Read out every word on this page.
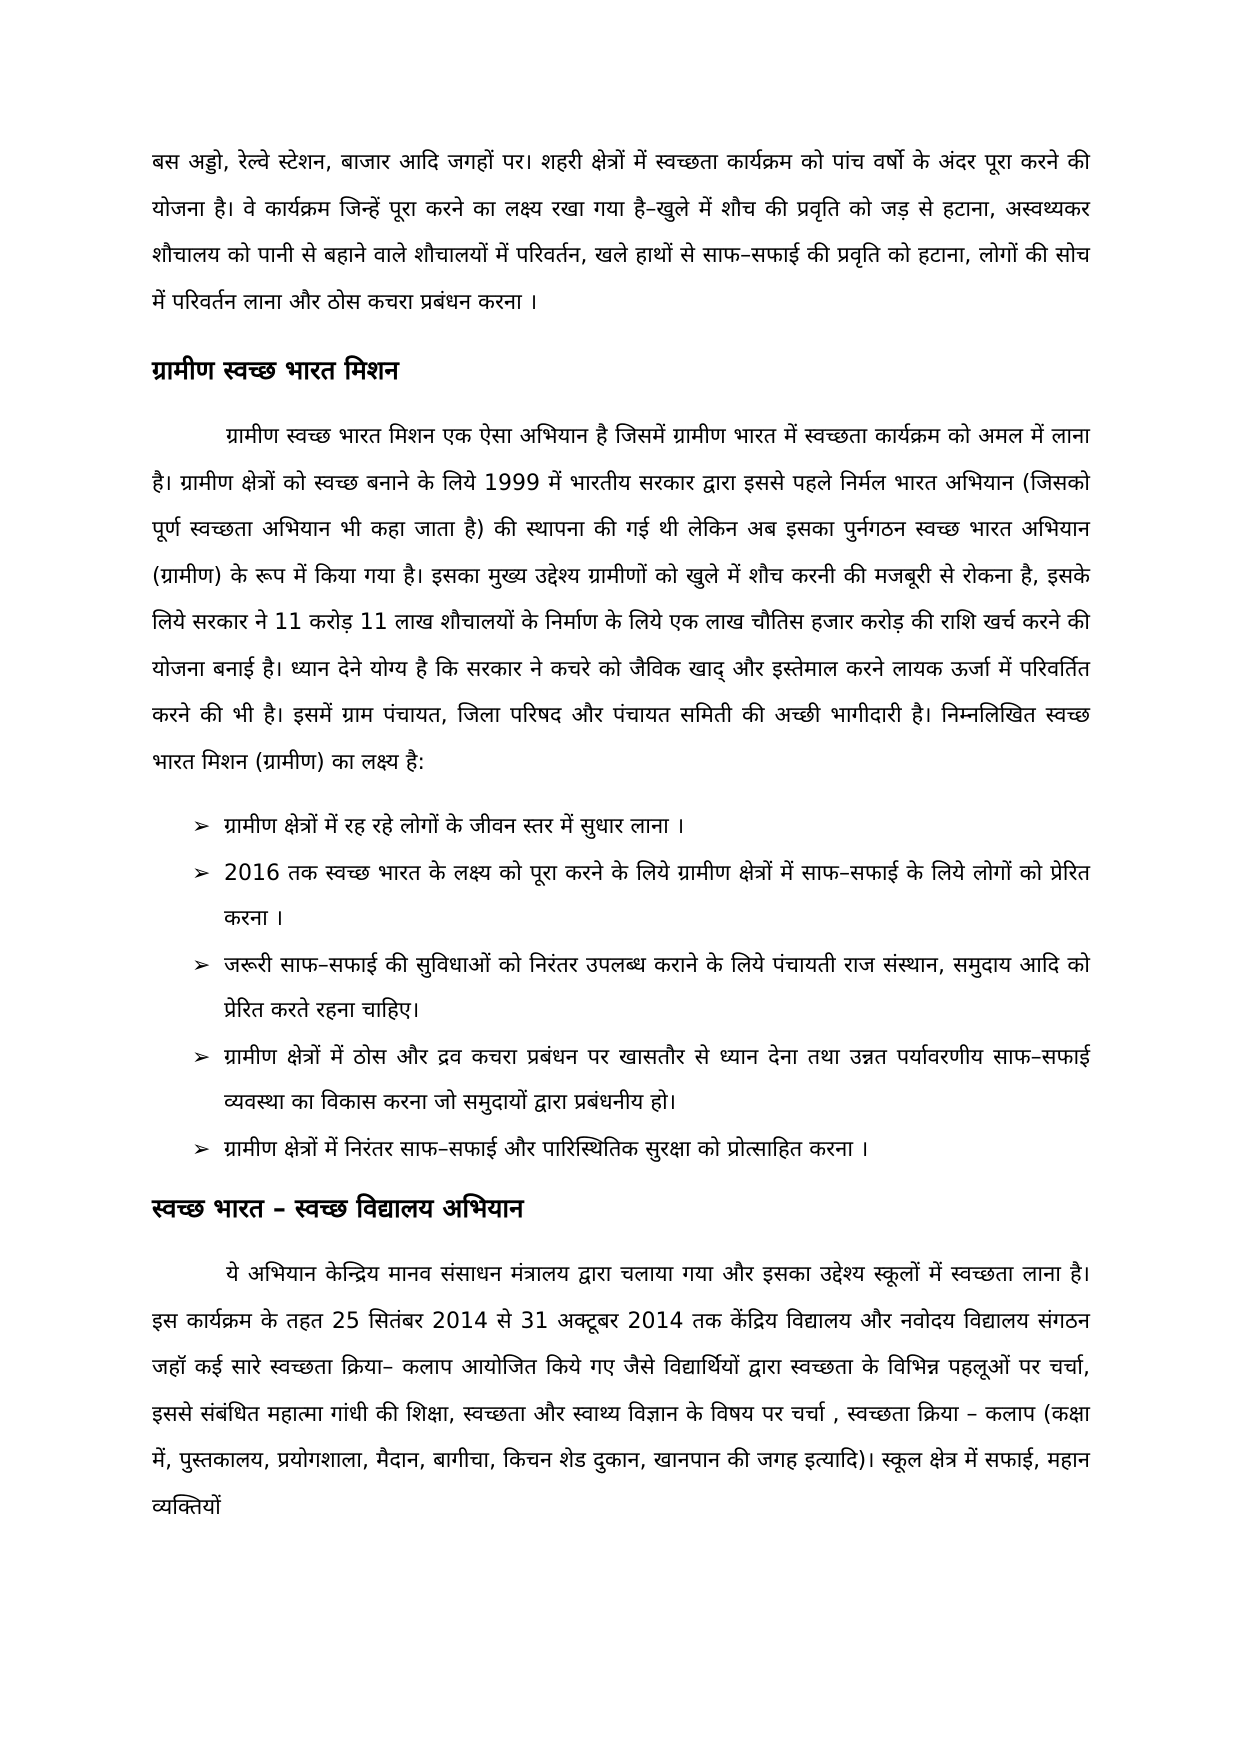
बस अड्डो, रेल्वे स्टेशन, बाजार आदि जगहों पर। शहरी क्षेत्रों में स्वच्छता कार्यक्रम को पांच वर्षो के अंदर पूरा करने की योजना है। वे कार्यक्रम जिन्हें पूरा करने का लक्ष्य रखा गया है–खुले में शौच की प्रवृति को जड़ से हटाना, अस्वथ्यकर शौचालय को पानी से बहाने वाले शौचालयों में परिवर्तन, खले हाथों से साफ–सफाई की प्रवृति को हटाना, लोगों की सोच में परिवर्तन लाना और ठोस कचरा प्रबंधन करना ।

ग्रामीण स्वच्छ भारत मिशन

ग्रामीण स्वच्छ भारत मिशन एक ऐसा अभियान है जिसमें ग्रामीण भारत में स्वच्छता कार्यक्रम को अमल में लाना है। ग्रामीण क्षेत्रों को स्वच्छ बनाने के लिये 1999 में भारतीय सरकार द्वारा इससे पहले निर्मल भारत अभियान (जिसको पूर्ण स्वच्छता अभियान भी कहा जाता है) की स्थापना की गई थी लेकिन अब इसका पुर्नगठन स्वच्छ भारत अभियान (ग्रामीण) के रूप में किया गया है। इसका मुख्य उद्देश्य ग्रामीणों को खुले में शौच करनी की मजबूरी से रोकना है, इसके लिये सरकार ने 11 करोड़ 11 लाख शौचालयों के निर्माण के लिये एक लाख चौतिस हजार करोड़ की राशि खर्च करने की योजना बनाई है। ध्यान देने योग्य है कि सरकार ने कचरे को जैविक खाद् और इस्तेमाल करने लायक ऊर्जा में परिवर्तित करने की भी है। इसमें ग्राम पंचायत, जिला परिषद और पंचायत समिती की अच्छी भागीदारी है। निम्नलिखित स्वच्छ भारत मिशन (ग्रामीण) का लक्ष्य है:

➢ ग्रामीण क्षेत्रों में रह रहे लोगों के जीवन स्तर में सुधार लाना ।
➢ 2016 तक स्वच्छ भारत के लक्ष्य को पूरा करने के लिये ग्रामीण क्षेत्रों में साफ–सफाई के लिये लोगों को प्रेरित करना ।
➢ जरूरी साफ–सफाई की सुविधाओं को निरंतर उपलब्ध कराने के लिये पंचायती राज संस्थान, समुदाय आदि को प्रेरित करते रहना चाहिए।
➢ ग्रामीण क्षेत्रों में ठोस और द्रव कचरा प्रबंधन पर खासतौर से ध्यान देना तथा उन्नत पर्यावरणीय साफ–सफाई व्यवस्था का विकास करना जो समुदायों द्वारा प्रबंधनीय हो।
➢ ग्रामीण क्षेत्रों में निरंतर साफ–सफाई और पारिस्थितिक सुरक्षा को प्रोत्साहित करना ।
स्वच्छ भारत – स्वच्छ विद्यालय अभियान

ये अभियान केन्द्रिय मानव संसाधन मंत्रालय द्वारा चलाया गया और इसका उद्देश्य स्कूलों में स्वच्छता लाना है। इस कार्यक्रम के तहत 25 सितंबर 2014 से 31 अक्टूबर 2014 तक केंद्रिय विद्यालय और नवोदय विद्यालय संगठन जहॉ कई सारे स्वच्छता क्रिया– कलाप आयोजित किये गए जैसे विद्यार्थियों द्वारा स्वच्छता के विभिन्न पहलूओं पर चर्चा, इससे संबंधित महात्मा गांधी की शिक्षा, स्वच्छता और स्वाथ्य विज्ञान के विषय पर चर्चा , स्वच्छता क्रिया – कलाप (कक्षा में, पुस्तकालय, प्रयोगशाला, मैदान, बागीचा, किचन शेड दुकान, खानपान की जगह इत्यादि)। स्कूल क्षेत्र में सफाई, महान व्यक्तियों
